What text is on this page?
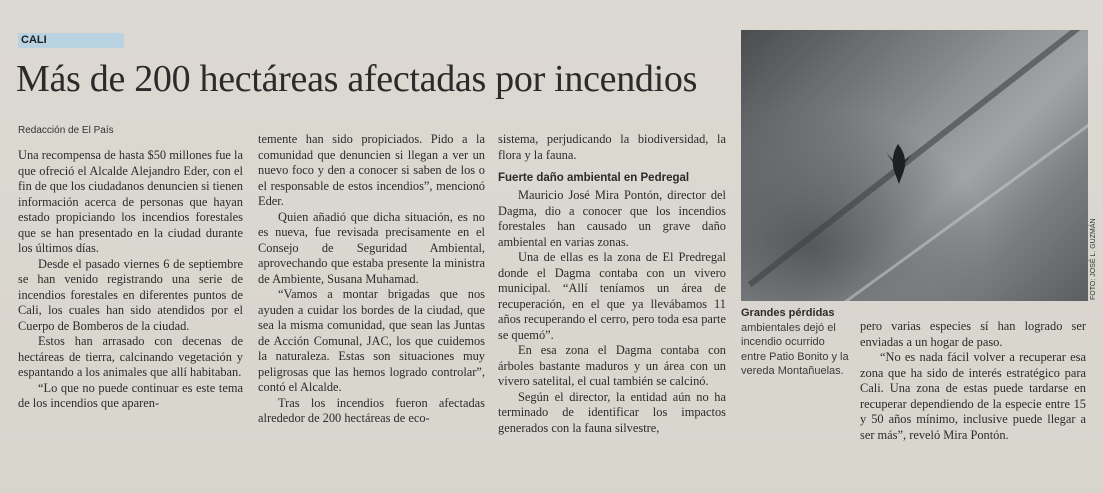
CALI
Más de 200 hectáreas afectadas por incendios
Redacción de El País

Una recompensa de hasta $50 millones fue la que ofreció el Alcalde Alejandro Eder, con el fin de que los ciudadanos denuncien si tienen información acerca de personas que hayan estado propiciando los incendios forestales que se han presentado en la ciudad durante los últimos días.

Desde el pasado viernes 6 de septiembre se han venido registrando una serie de incendios forestales en diferentes puntos de Cali, los cuales han sido atendidos por el Cuerpo de Bomberos de la ciudad.

Estos han arrasado con decenas de hectáreas de tierra, calcinando vegetación y espantando a los animales que allí habitaban.

“Lo que no puede continuar es este tema de los incendios que aparen-

temente han sido propiciados. Pido a la comunidad que denuncien si llegan a ver un nuevo foco y den a conocer si saben de los o el responsable de estos incendios”, mencionó Eder.

Quien añadió que dicha situación, es no es nueva, fue revisada precisamente en el Consejo de Seguridad Ambiental, aprovechando que estaba presente la ministra de Ambiente, Susana Muhamad.

“Vamos a montar brigadas que nos ayuden a cuidar los bordes de la ciudad, que sea la misma comunidad, que sean las Juntas de Acción Comunal, JAC, los que cuidemos la naturaleza. Estas son situaciones muy peligrosas que las hemos logrado controlar”, contó el Alcalde.

Tras los incendios fueron afectadas alrededor de 200 hectáreas de eco-

sistema, perjudicando la biodiversidad, la flora y la fauna.

Fuerte daño ambiental en Pedregal

Mauricio José Mira Pontón, director del Dagma, dio a conocer que los incendios forestales han causado un grave daño ambiental en varias zonas.

Una de ellas es la zona de El Predregal donde el Dagma contaba con un vivero municipal. “Allí teníamos un área de recuperación, en el que ya llevábamos 11 años recuperando el cerro, pero toda esa parte se quemó”.

En esa zona el Dagma contaba con árboles bastante maduros y un área con un vivero satelital, el cual también se calcinó.

Según el director, la entidad aún no ha terminado de identificar los impactos generados con la fauna silvestre,

FOTO: JOSÉ L. GUZMÁN
Grandes pérdidas
ambientales dejó el incendio ocurrido entre Patio Bonito y la vereda Montañuelas.

pero varias especies sí han logrado ser enviadas a un hogar de paso.

“No es nada fácil volver a recuperar esa zona que ha sido de interés estratégico para Cali. Una zona de estas puede tardarse en recuperar dependiendo de la especie entre 15 y 50 años mínimo, inclusive puede llegar a ser más”, reveló Mira Pontón.
